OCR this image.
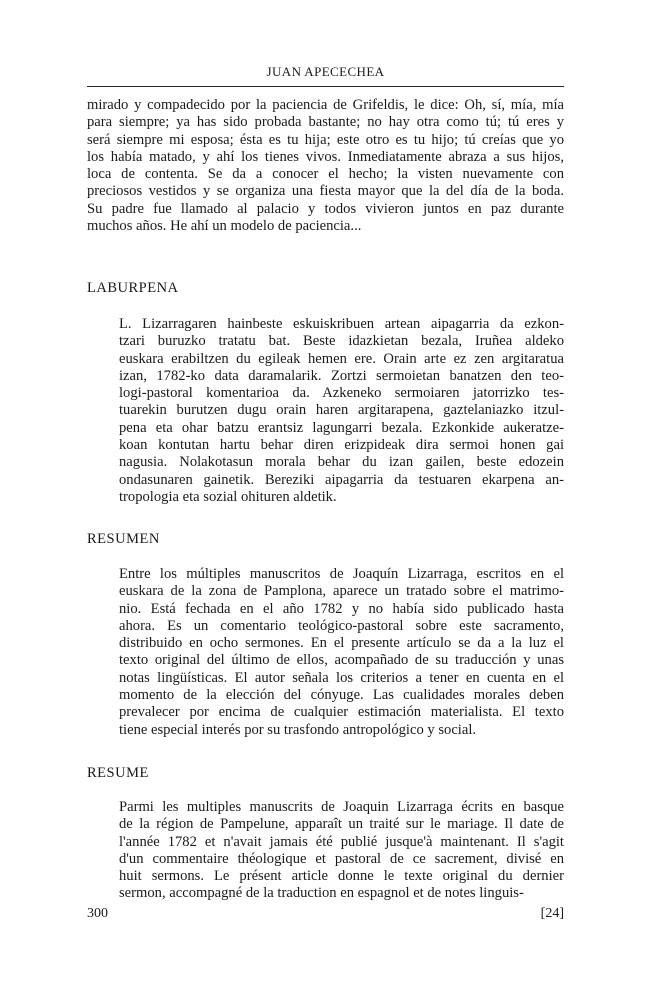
JUAN APECECHEA
mirado y compadecido por la paciencia de Grifeldis, le dice: Oh, sí, mía, mía
para siempre; ya has sido probada bastante; no hay otra como tú; tú eres y
será siempre mi esposa; ésta es tu hija; este otro es tu hijo; tú creías que yo
los había matado, y ahí los tienes vivos. Inmediatamente abraza a sus hijos,
loca de contenta. Se da a conocer el hecho; la visten nuevamente con
preciosos vestidos y se organiza una fiesta mayor que la del día de la boda.
Su padre fue llamado al palacio y todos vivieron juntos en paz durante
muchos años. He ahí un modelo de paciencia...
LABURPENA
L. Lizarragaren hainbeste eskuiskribuen artean aipagarria da ezkon-
tzari buruzko tratatu bat. Beste idazkietan bezala, Iruñea aldeko
euskara erabiltzen du egileak hemen ere. Orain arte ez zen argitaratua
izan, 1782-ko data daramalarik. Zortzi sermoietan banatzen den teo-
logi-pastoral komentarioa da. Azkeneko sermoiaren jatorrizko tes-
tuarekin burutzen dugu orain haren argitarapena, gaztelaniazko itzul-
pena eta ohar batzu erantsiz lagungarri bezala. Ezkonkide aukeratze-
koan kontutan hartu behar diren erizpideak dira sermoi honen gai
nagusia. Nolakotasun morala behar du izan gailen, beste edozein
ondasunaren gainetik. Bereziki aipagarria da testuaren ekarpena an-
tropologia eta sozial ohituren aldetik.
RESUMEN
Entre los múltiples manuscritos de Joaquín Lizarraga, escritos en el
euskara de la zona de Pamplona, aparece un tratado sobre el matrimo-
nio. Está fechada en el año 1782 y no había sido publicado hasta
ahora. Es un comentario teológico-pastoral sobre este sacramento,
distribuido en ocho sermones. En el presente artículo se da a la luz el
texto original del último de ellos, acompañado de su traducción y unas
notas lingüísticas. El autor señala los criterios a tener en cuenta en el
momento de la elección del cónyuge. Las cualidades morales deben
prevalecer por encima de cualquier estimación materialista. El texto
tiene especial interés por su trasfondo antropológico y social.
RESUME
Parmi les multiples manuscrits de Joaquin Lizarraga écrits en basque
de la région de Pampelune, apparaît un traité sur le mariage. Il date de
l'année 1782 et n'avait jamais été publié jusque'à maintenant. Il s'agit
d'un commentaire théologique et pastoral de ce sacrement, divisé en
huit sermons. Le présent article donne le texte original du dernier
sermon, accompagné de la traduction en espagnol et de notes linguis-
300	[24]
